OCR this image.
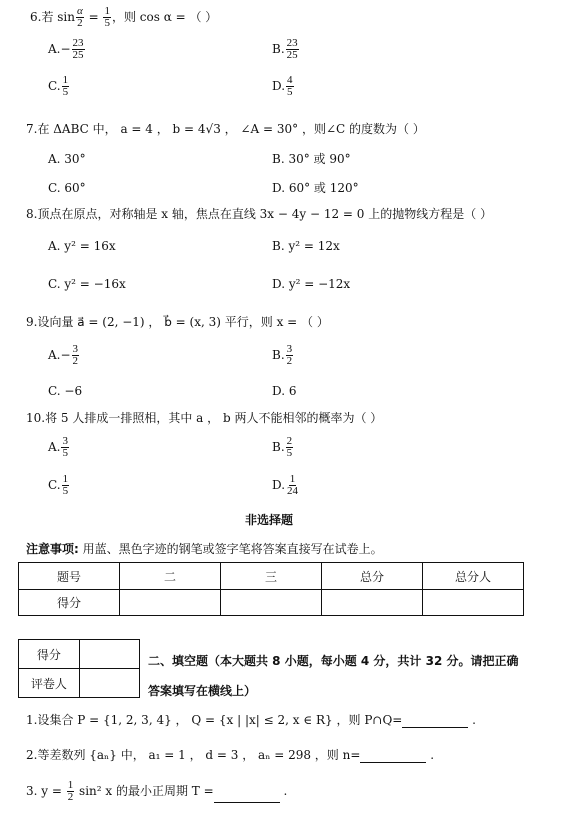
6.若 $\sin \frac{\alpha}{2} = \frac{1}{5}$ ，则 cos α = （ ）
$A.- \frac{23}{25}$	B. $\frac{23}{25}$
C. $\frac{1}{5}$	D. $\frac{4}{5}$
7.在 ΔABC 中， a = 4 ， b = 4√3 ， ∠A = 30° ，则∠C 的度数为（ ）
A. 30°	B. 30° 或 90°
C. 60°	D. 60° 或 120°
8.顶点在原点，对称轴是 x 轴，焦点在直线 3x − 4y − 12 = 0 上的抛物线方程是（ ）
A. y² = 16x	B. y² = 12x
C. y² = −16x	D. y² = −12x
9.设向量 a⃗ = (2, −1) ， b⃗ = (x, 3) 平行，则 x = （ ）
$A.- \frac{3}{2}$	B. $\frac{3}{2}$
C. −6	D. 6
10.将 5 人排成一排照相，其中 a ， b 两人不能相邻的概率为（ ）
A. $\frac{3}{5}$	B. $\frac{2}{5}$
C. $\frac{1}{5}$	D. $\frac{1}{24}$
非选择题
注意事项: 用蓝、黑色字迹的钢笔或签字笔将答案直接写在试卷上。
题号	二	三	总分	总分人
得分				
得分	
评卷人	
二、填空题（本大题共 8 小题，每小题 4 分，共计 32 分。请把正确
答案填写在横线上）
1.设集合 P = {1, 2, 3, 4} ， Q = {x | |x| ≤ 2, x ∈ R} ，则 P∩Q=	.
2.等差数列 {aₙ} 中， a₁ = 1 ， d = 3 ， aₙ = 298 ，则 n=	.
3. $y = \frac{1}{2} \sin^2$ x 的最小正周期 T =	.
